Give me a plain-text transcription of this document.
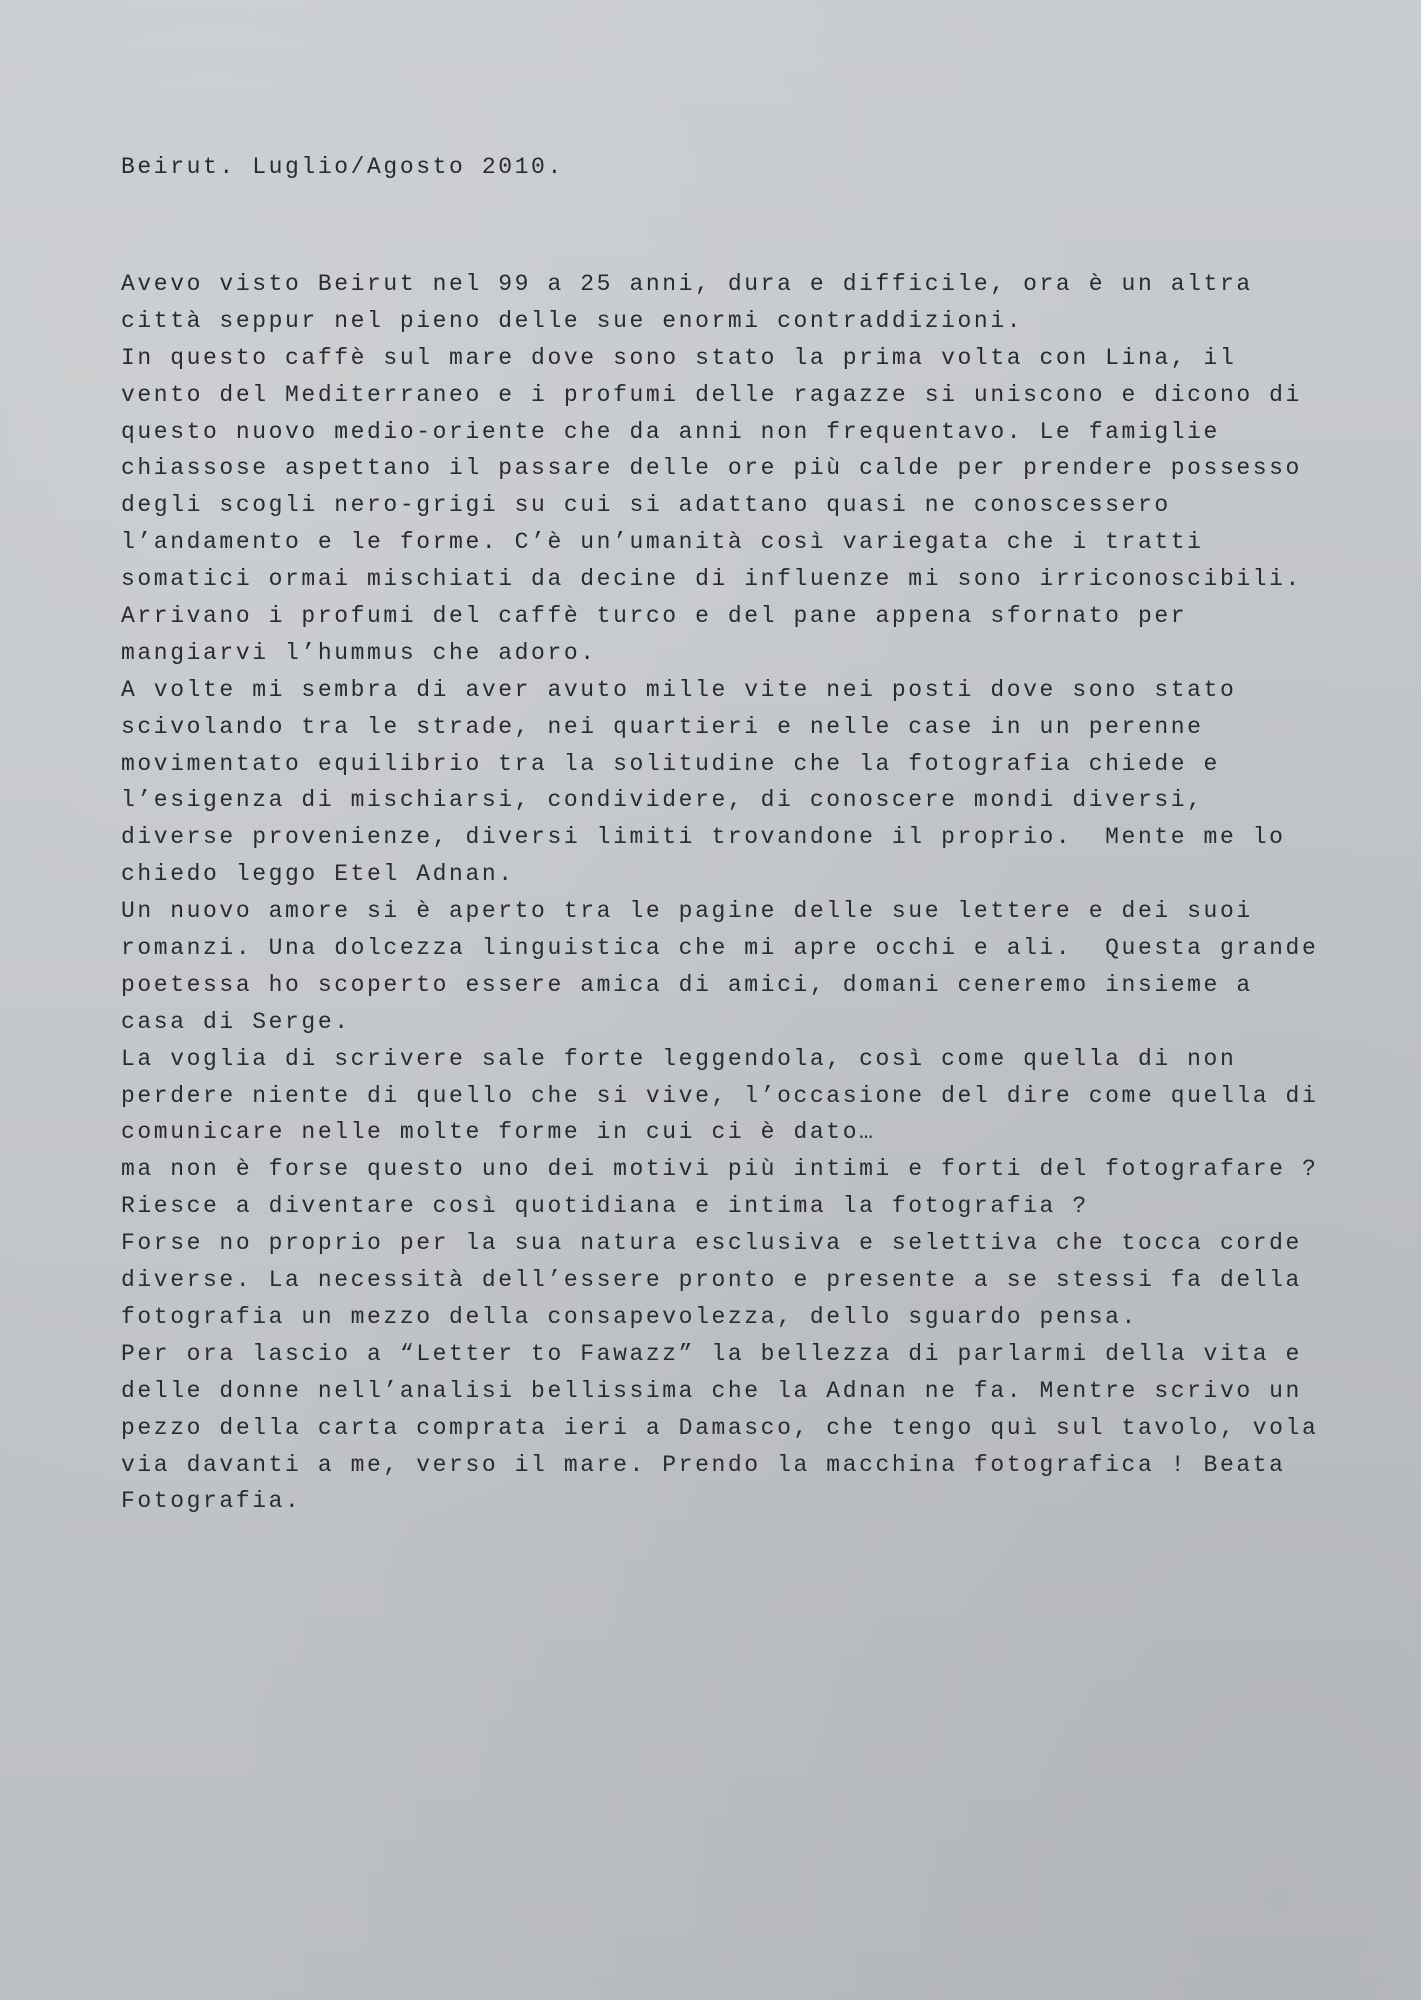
Beirut. Luglio/Agosto 2010.

Avevo visto Beirut nel 99 a 25 anni, dura e difficile, ora è un altra
città seppur nel pieno delle sue enormi contraddizioni.
In questo caffè sul mare dove sono stato la prima volta con Lina, il
vento del Mediterraneo e i profumi delle ragazze si uniscono e dicono di
questo nuovo medio-oriente che da anni non frequentavo. Le famiglie
chiassose aspettano il passare delle ore più calde per prendere possesso
degli scogli nero-grigi su cui si adattano quasi ne conoscessero
l’andamento e le forme. C’è un’umanità così variegata che i tratti
somatici ormai mischiati da decine di influenze mi sono irriconoscibili.
Arrivano i profumi del caffè turco e del pane appena sfornato per
mangiarvi l’hummus che adoro.
A volte mi sembra di aver avuto mille vite nei posti dove sono stato
scivolando tra le strade, nei quartieri e nelle case in un perenne
movimentato equilibrio tra la solitudine che la fotografia chiede e
l’esigenza di mischiarsi, condividere, di conoscere mondi diversi,
diverse provenienze, diversi limiti trovandone il proprio.  Mente me lo
chiedo leggo Etel Adnan.
Un nuovo amore si è aperto tra le pagine delle sue lettere e dei suoi
romanzi. Una dolcezza linguistica che mi apre occhi e ali.  Questa grande
poetessa ho scoperto essere amica di amici, domani ceneremo insieme a
casa di Serge.
La voglia di scrivere sale forte leggendola, così come quella di non
perdere niente di quello che si vive, l’occasione del dire come quella di
comunicare nelle molte forme in cui ci è dato…
ma non è forse questo uno dei motivi più intimi e forti del fotografare ?
Riesce a diventare così quotidiana e intima la fotografia ?
Forse no proprio per la sua natura esclusiva e selettiva che tocca corde
diverse. La necessità dell’essere pronto e presente a se stessi fa della
fotografia un mezzo della consapevolezza, dello sguardo pensa.
Per ora lascio a “Letter to Fawazz” la bellezza di parlarmi della vita e
delle donne nell’analisi bellissima che la Adnan ne fa. Mentre scrivo un
pezzo della carta comprata ieri a Damasco, che tengo quì sul tavolo, vola
via davanti a me, verso il mare. Prendo la macchina fotografica ! Beata
Fotografia.
